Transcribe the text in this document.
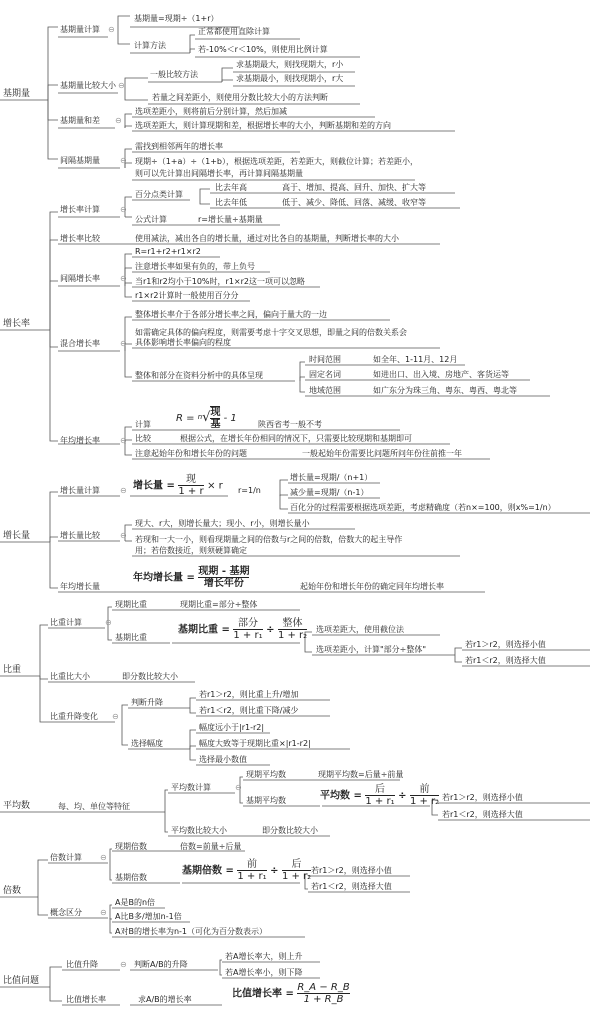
基期量
基期量计算
基期量=现期÷（1+r）
计算方法
正常都使用直除计算
若-10%＜r＜10%，则使用比例计算
基期量比较大小
一般比较方法
求基期最大，则找现期大，r小
求基期最小，则找现期小，r大
若量之间差距小，则使用分数比较大小的方法判断
基期量和差
选项差距小，则将前后分别计算，然后加减
选项差距大，则计算现期和差，根据增长率的大小，判断基期和差的方向
间隔基期量
需找到相邻两年的增长率
现期÷（1+a）÷（1+b），根据选项差距，若差距大，则截位计算；若差距小，
则可以先计算出间隔增长率，再计算间隔基期量
增长率
增长率计算
百分点类计算
比去年高	高于、增加、提高、回升、加快、扩大等
比去年低	低于、减少、降低、回落、减缓、收窄等
公式计算	r=增长量÷基期量
增长率比较	使用减法，减出各自的增长量，通过对比各自的基期量，判断增长率的大小
间隔增长率
R=r1+r2+r1×r2
注意增长率如果有负的，带上负号
当r1和r2均小于10%时，r1×r2这一项可以忽略
r1×r2计算时一般使用百分分
混合增长率
整体增长率介于各部分增长率之间，偏向于量大的一边
如需确定具体的偏向程度，则需要考虑十字交叉思想，即量之间的倍数关系会
具体影响增长率偏向的程度
整体和部分在资料分析中的具体呈现
时间范围	如全年、1-11月、12月
固定名词	如进出口、出入境、房地产、客货运等
地域范围	如广东分为珠三角、粤东、粤西、粤北等
年均增长率
计算
R = $^n$√ 现
基
- 1
陕西省考一般不考
比较	根据公式，在增长年份相同的情况下，只需要比较现期和基期即可
注意起始年份和增长年份的问题	一般起始年份需要比问题所问年份往前推一年
增长量
增长量计算	增长量 =
现
1 + r × r r=1/n
增长量=现期/（n+1）
减少量=现期/（n-1）
百化分的过程需要根据选项差距，考虑精确度（若n×=100，则x%=1/n）
增长量比较
现大、r大，则增长量大；现小、r小，则增长量小
若现和一大一小，则看现期量之间的倍数与r之间的倍数，倍数大的起主导作
用；若倍数接近，则须硬算确定
年均增长量
年均增长量 =
现期 - 基期
增长年份	起始年份和增长年份的确定同年均增长率
比重
比重计算
现期比重	现期比重=部分÷整体
基期比重
基期比重 =
部分
1 + r₁ ÷
整体
1 + r₂
选项差距大，使用截位法
选项差距小，计算"部分÷整体"
若r1＞r2，则选择小值
若r1＜r2，则选择大值
比重比大小	即分数比较大小
比重升降变化
判断升降
若r1＞r2，则比重上升/增加
若r1＜r2，则比重下降/减少
幅度远小于|r1-r2|
选择幅度	幅度大致等于现期比重×|r1-r2|
选择最小数值
平均数	每、均、单位等特征
平均数计算
现期平均数	现期平均数=后量÷前量
基期平均数	平均数 =
后
1 + r₁ ÷
前
1 + r₂ 若r1＞r2，则选择小值
若r1＜r2，则选择大值
平均数比较大小	即分数比较大小
倍数
倍数计算
现期倍数	倍数=前量÷后量
基期倍数
基期倍数 =
前
1 + r₁ ÷
后
1 + r₂
若r1＞r2，则选择小值
若r1＜r2，则选择大值
概念区分
A是B的n倍
A比B多/增加n-1倍
A对B的增长率为n-1（可化为百分数表示）
比值问题
比值升降	判断A/B的升降
若A增长率大，则上升
若A增长率小，则下降
比值增长率	求A/B的增长率	比值增长率 = $\frac{R\_A - R\_B}{1 + R\_B}$
⊖
⊖
⊖
⊖
⊖
⊖
⊖
⊖
⊖
⊖
⊖
⊖
⊖
⊖
⊖
⊖
